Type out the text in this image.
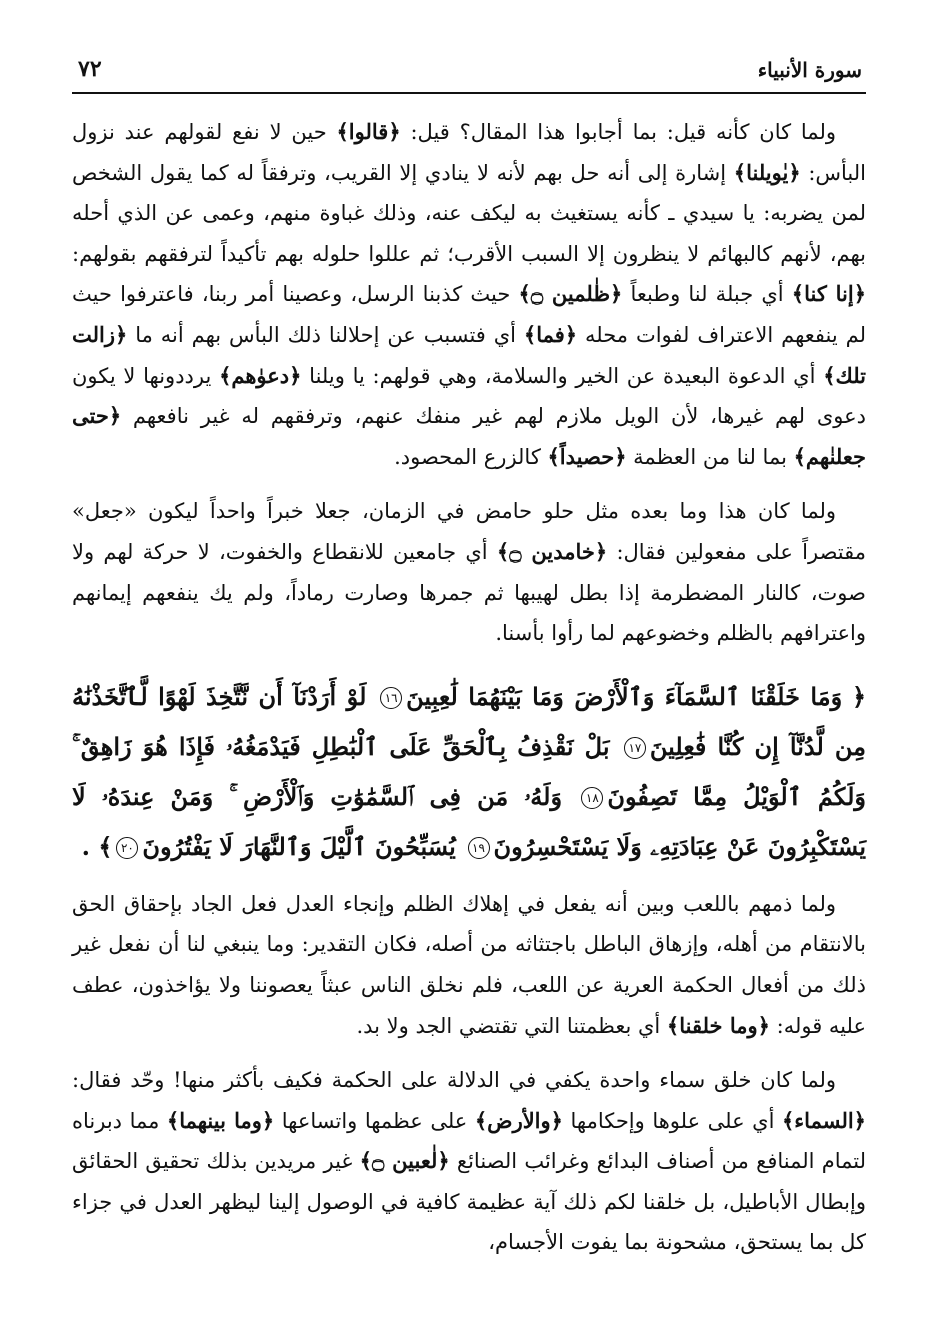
سورة الأنبياء
٧٢

ولما كان كأنه قيل: بما أجابوا هذا المقال؟ قيل: ﴿قالوا﴾ حين لا نفع لقولهم عند نزول البأس: ﴿يٰويلنا﴾ إشارة إلى أنه حل بهم لأنه لا ينادي إلا القريب، وترفقاً له كما يقول الشخص لمن يضربه: يا سيدي ـ كأنه يستغيث به ليكف عنه، وذلك غباوة منهم، وعمى عن الذي أحله بهم، لأنهم كالبهائم لا ينظرون إلا السبب الأقرب؛ ثم عللوا حلوله بهم تأكيداً لترفقهم بقولهم: ﴿إنا كنا﴾ أي جبلة لنا وطبعاً ﴿ظٰلمين ۝﴾ حيث كذبنا الرسل، وعصينا أمر ربنا، فاعترفوا حيث لم ينفعهم الاعتراف لفوات محله ﴿فما﴾ أي فتسبب عن إحلالنا ذلك البأس بهم أنه ما ﴿زالت تلك﴾ أي الدعوة البعيدة عن الخير والسلامة، وهي قولهم: يا ويلنا ﴿دعوٰهم﴾ يرددونها لا يكون دعوى لهم غيرها، لأن الويل ملازم لهم غير منفك عنهم، وترفقهم له غير نافعهم ﴿حتى جعلنٰهم﴾ بما لنا من العظمة ﴿حصيداً﴾ كالزرع المحصود.

ولما كان هذا وما بعده مثل حلو حامض في الزمان، جعلا خبراً واحداً ليكون «جعل» مقتصراً على مفعولين فقال: ﴿خامدين ۝﴾ أي جامعين للانقطاع والخفوت، لا حركة لهم ولا صوت، كالنار المضطرمة إذا بطل لهيبها ثم جمرها وصارت رماداً، ولم يك ينفعهم إيمانهم واعترافهم بالظلم وخضوعهم لما رأوا بأسنا.

﴿ وَمَا خَلَقْنَا ٱلسَّمَآءَ وَٱلْأَرْضَ وَمَا بَيْنَهُمَا لَٰعِبِينَ١٦ لَوْ أَرَدْنَآ أَن نَّتَّخِذَ لَهْوًا لَّٱتَّخَذْنَٰهُ مِن لَّدُنَّآ إِن كُنَّا فَٰعِلِينَ١٧ بَلْ نَقْذِفُ بِٱلْحَقِّ عَلَى ٱلْبَٰطِلِ فَيَدْمَغُهُۥ فَإِذَا هُوَ زَاهِقٌ ۚ وَلَكُمُ ٱلْوَيْلُ مِمَّا تَصِفُونَ١٨ وَلَهُۥ مَن فِى ٱلسَّمَٰوَٰتِ وَٱلْأَرْضِ ۚ وَمَنْ عِندَهُۥ لَا يَسْتَكْبِرُونَ عَنْ عِبَادَتِهِۦ وَلَا يَسْتَحْسِرُونَ١٩ يُسَبِّحُونَ ٱلَّيْلَ وَٱلنَّهَارَ لَا يَفْتُرُونَ٢٠﴾ .

ولما ذمهم باللعب وبين أنه يفعل في إهلاك الظلم وإنجاء العدل فعل الجاد بإحقاق الحق بالانتقام من أهله، وإزهاق الباطل باجتثاثه من أصله، فكان التقدير: وما ينبغي لنا أن نفعل غير ذلك من أفعال الحكمة العرية عن اللعب، فلم نخلق الناس عبثاً يعصوننا ولا يؤاخذون، عطف عليه قوله: ﴿وما خلقنا﴾ أي بعظمتنا التي تقتضي الجد ولا بد.

ولما كان خلق سماء واحدة يكفي في الدلالة على الحكمة فكيف بأكثر منها! وحّد فقال: ﴿السماء﴾ أي على علوها وإحكامها ﴿والأرض﴾ على عظمها واتساعها ﴿وما بينهما﴾ مما دبرناه لتمام المنافع من أصناف البدائع وغرائب الصنائع ﴿لٰعبين ۝﴾ غير مريدين بذلك تحقيق الحقائق وإبطال الأباطيل، بل خلقنا لكم ذلك آية عظيمة كافية في الوصول إلينا ليظهر العدل في جزاء كل بما يستحق، مشحونة بما يفوت الأجسام،
